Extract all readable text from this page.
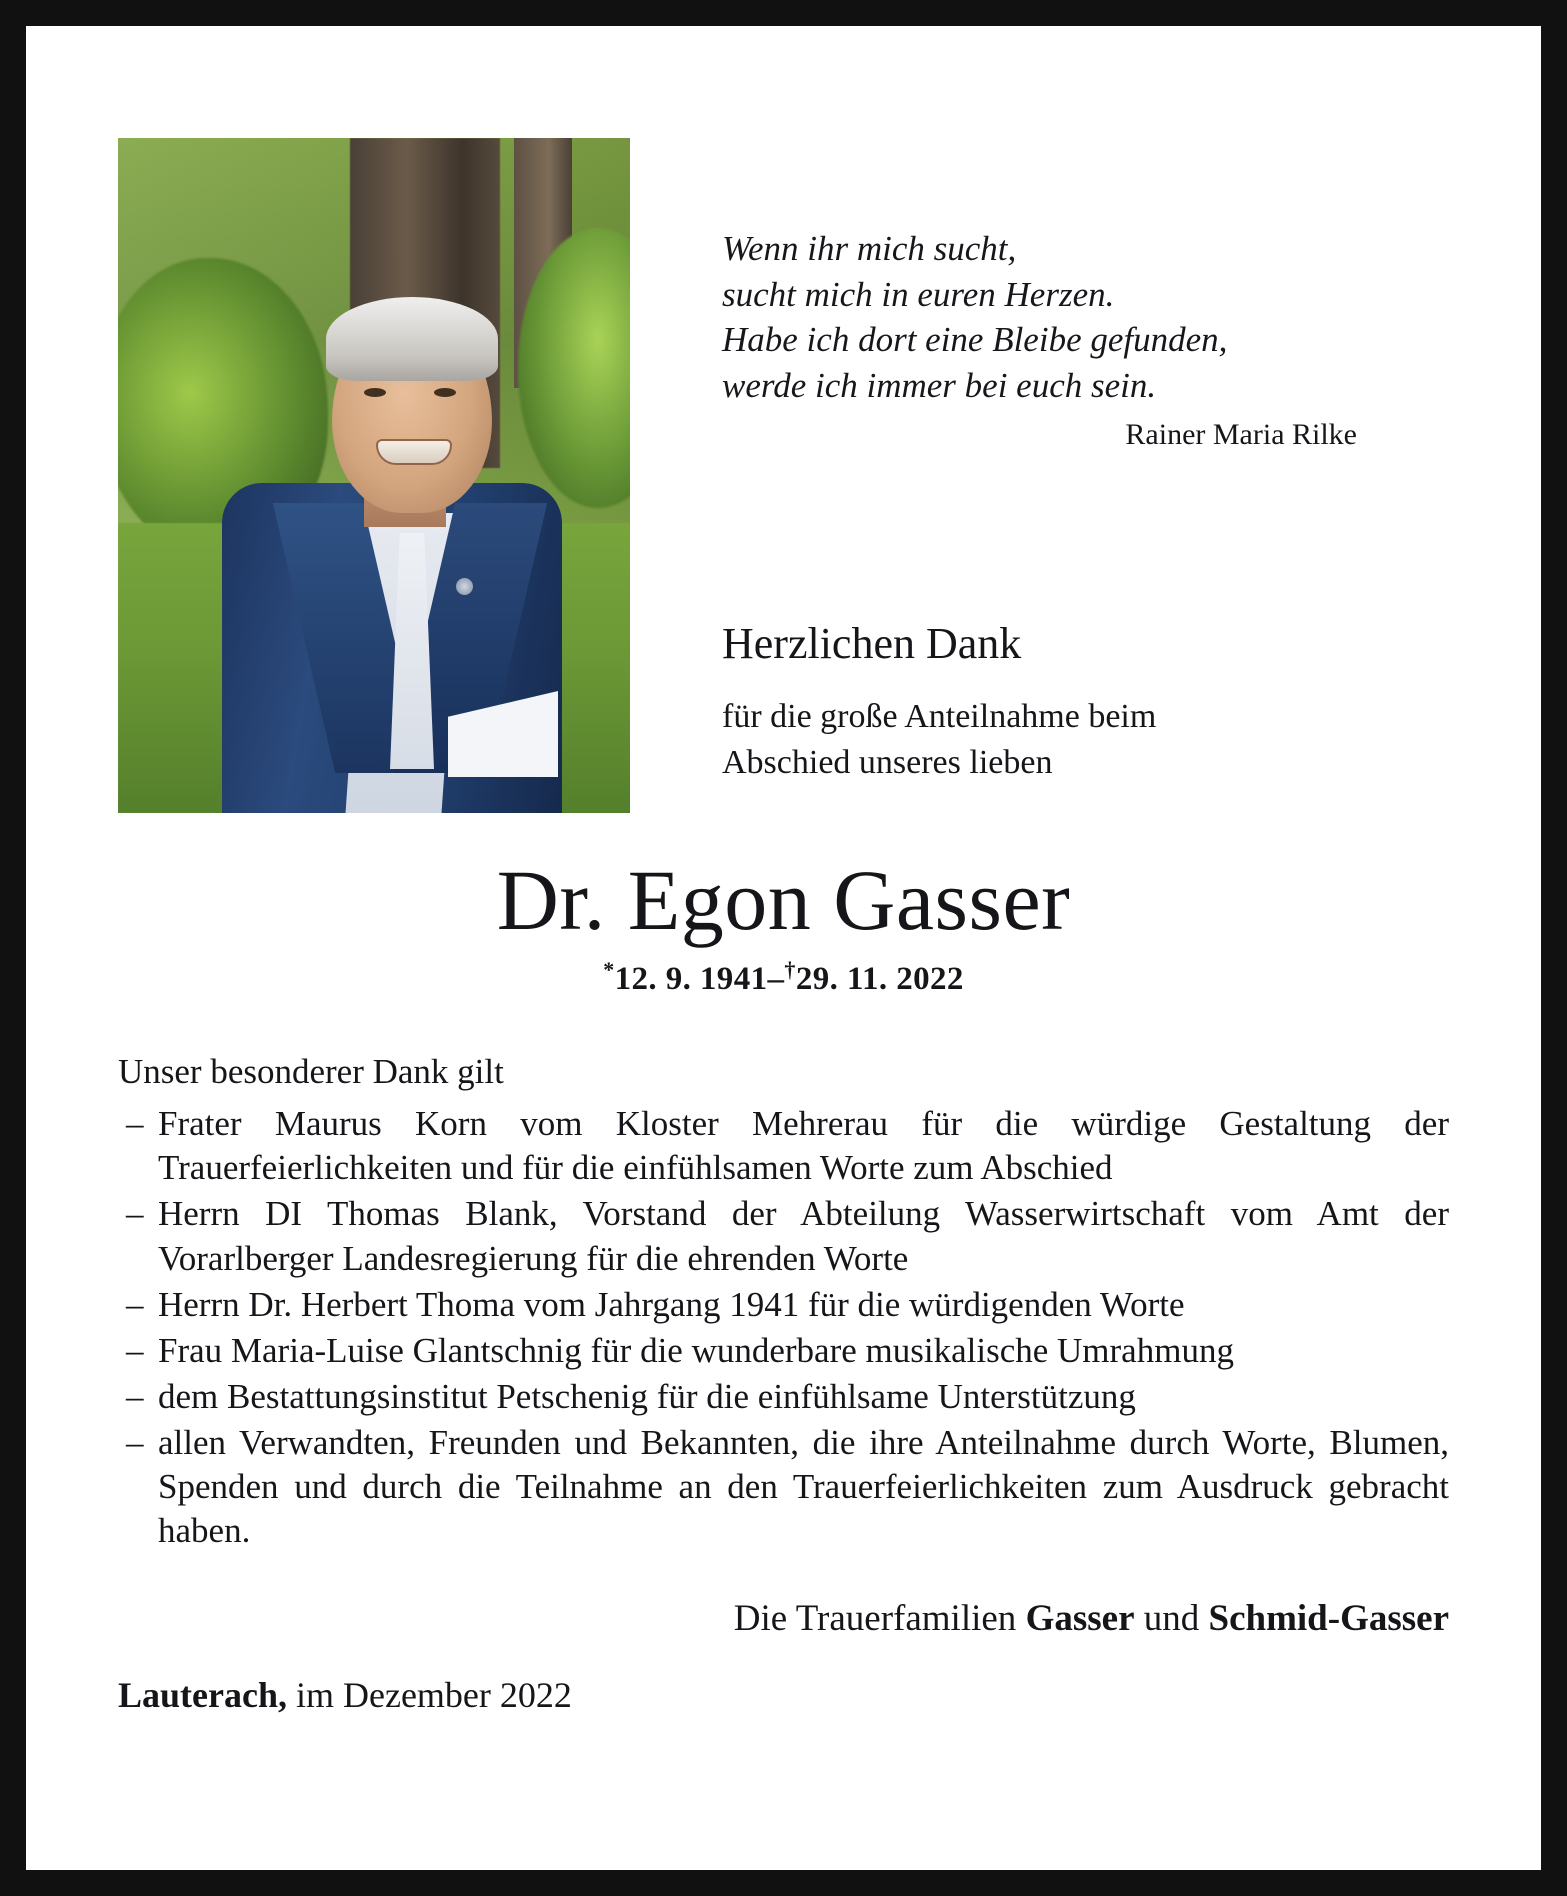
Wenn ihr mich sucht,
sucht mich in euren Herzen.
Habe ich dort eine Bleibe gefunden,
werde ich immer bei euch sein.
Rainer Maria Rilke
Herzlichen Dank
für die große Anteilnahme beim
Abschied unseres lieben
Dr. Egon Gasser
*12. 9. 1941–†29. 11. 2022
Unser besonderer Dank gilt
– Frater Maurus Korn vom Kloster Mehrerau für die würdige Gestaltung der Trauerfeierlichkeiten und für die einfühlsamen Worte zum Abschied
– Herrn DI Thomas Blank, Vorstand der Abteilung Wasserwirtschaft vom Amt der Vorarlberger Landesregierung für die ehrenden Worte
– Herrn Dr. Herbert Thoma vom Jahrgang 1941 für die würdigenden Worte
– Frau Maria-Luise Glantschnig für die wunderbare musikalische Umrahmung
– dem Bestattungsinstitut Petschenig für die einfühlsame Unterstützung
– allen Verwandten, Freunden und Bekannten, die ihre Anteilnahme durch Worte, Blumen, Spenden und durch die Teilnahme an den Trauerfeierlichkeiten zum Ausdruck gebracht haben.
Die Trauerfamilien Gasser und Schmid-Gasser
Lauterach, im Dezember 2022
